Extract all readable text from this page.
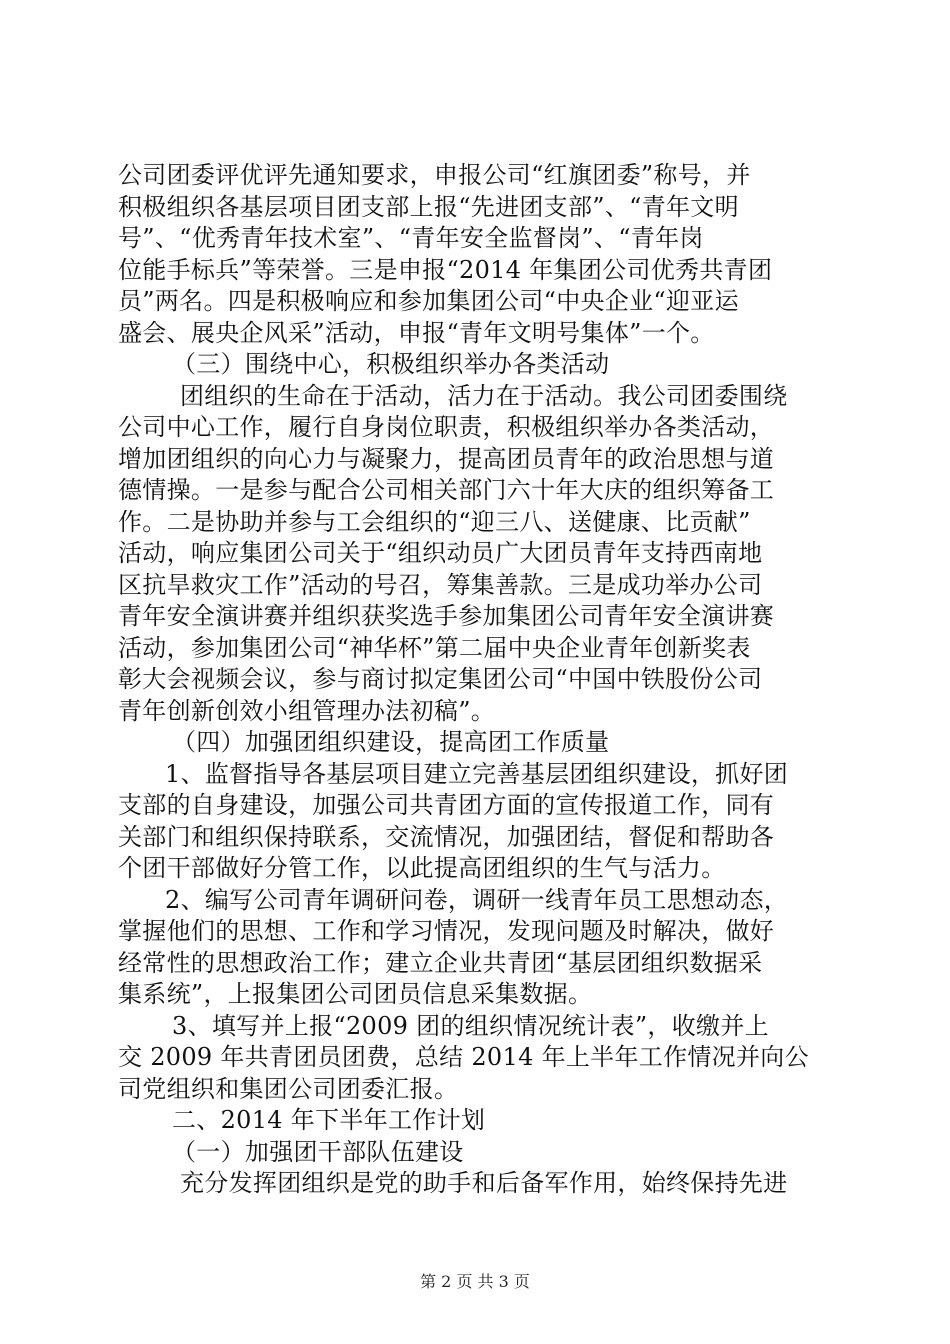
公司团委评优评先通知要求，申报公司“红旗团委”称号，并
积极组织各基层项目团支部上报“先进团支部”、“青年文明
号”、“优秀青年技术室”、“青年安全监督岗”、“青年岗
位能手标兵”等荣誉。三是申报“2014 年集团公司优秀共青团
员”两名。四是积极响应和参加集团公司“中央企业“迎亚运
盛会、展央企风采”活动，申报“青年文明号集体”一个。
（三）围绕中心，积极组织举办各类活动
团组织的生命在于活动，活力在于活动。我公司团委围绕
公司中心工作，履行自身岗位职责，积极组织举办各类活动，
增加团组织的向心力与凝聚力，提高团员青年的政治思想与道
德情操。一是参与配合公司相关部门六十年大庆的组织筹备工
作。二是协助并参与工会组织的“迎三八、送健康、比贡献”
活动，响应集团公司关于“组织动员广大团员青年支持西南地
区抗旱救灾工作”活动的号召，筹集善款。三是成功举办公司
青年安全演讲赛并组织获奖选手参加集团公司青年安全演讲赛
活动，参加集团公司“神华杯”第二届中央企业青年创新奖表
彰大会视频会议，参与商讨拟定集团公司“中国中铁股份公司
青年创新创效小组管理办法初稿”。
（四）加强团组织建设，提高团工作质量
1、监督指导各基层项目建立完善基层团组织建设，抓好团
支部的自身建设，加强公司共青团方面的宣传报道工作，同有
关部门和组织保持联系，交流情况，加强团结，督促和帮助各
个团干部做好分管工作，以此提高团组织的生气与活力。
2、编写公司青年调研问卷，调研一线青年员工思想动态，
掌握他们的思想、工作和学习情况，发现问题及时解决，做好
经常性的思想政治工作；建立企业共青团“基层团组织数据采
集系统”，上报集团公司团员信息采集数据。
3、填写并上报“2009 团的组织情况统计表”，收缴并上
交 2009 年共青团员团费，总结 2014 年上半年工作情况并向公
司党组织和集团公司团委汇报。
二、2014 年下半年工作计划
（一）加强团干部队伍建设
充分发挥团组织是党的助手和后备军作用，始终保持先进
第 2 页 共 3 页
